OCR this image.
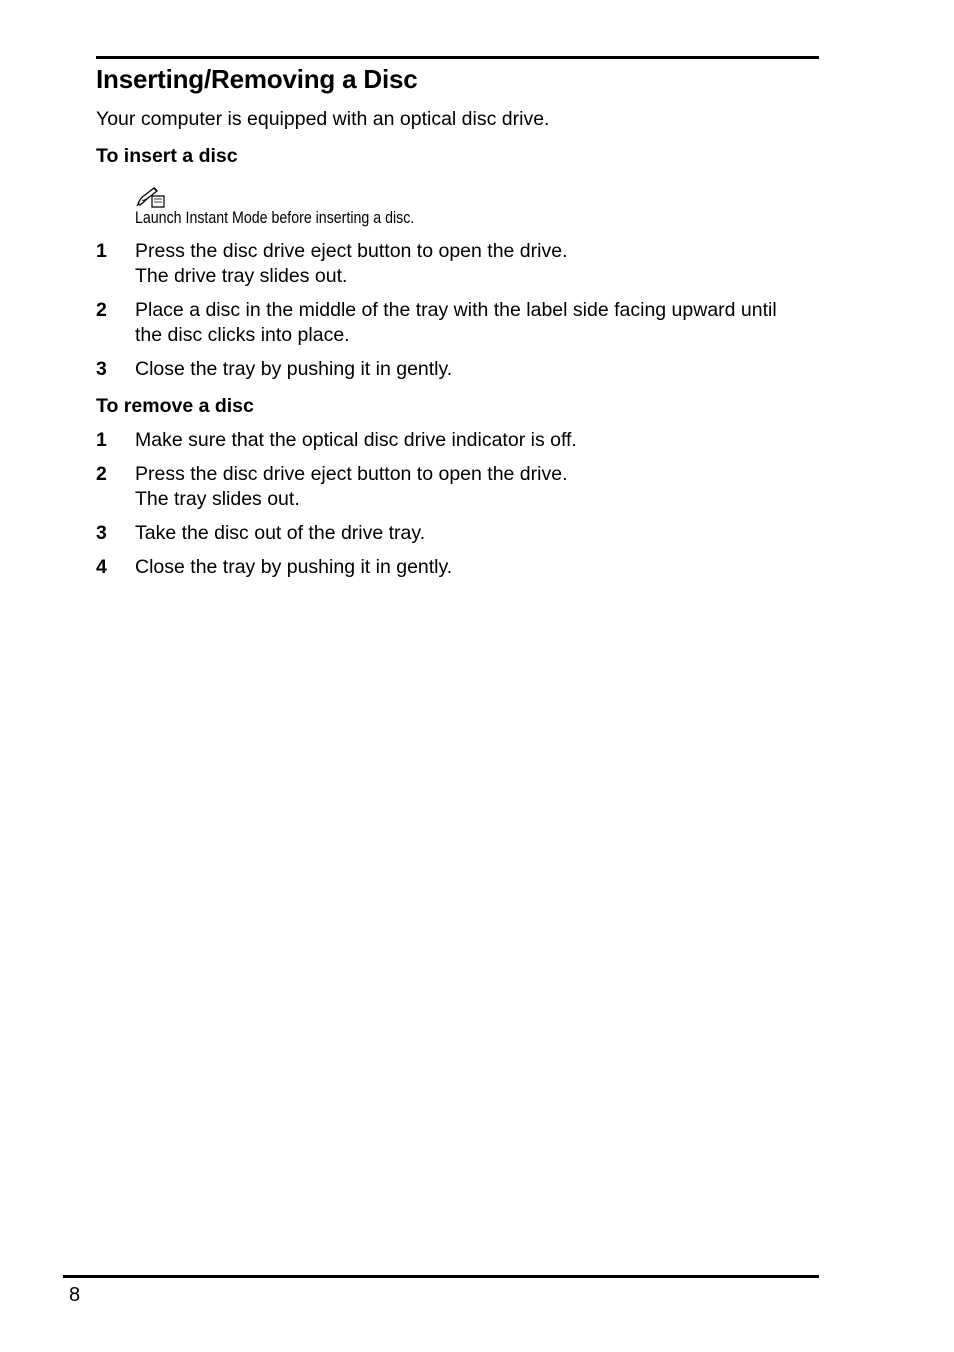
Inserting/Removing a Disc

Your computer is equipped with an optical disc drive.

To insert a disc

Launch Instant Mode before inserting a disc.

1	Press the disc drive eject button to open the drive.
The drive tray slides out.
2	Place a disc in the middle of the tray with the label side facing upward until
the disc clicks into place.
3	Close the tray by pushing it in gently.
To remove a disc
1	Make sure that the optical disc drive indicator is off.
2	Press the disc drive eject button to open the drive.
The tray slides out.
3	Take the disc out of the drive tray.
4	Close the tray by pushing it in gently.
8
